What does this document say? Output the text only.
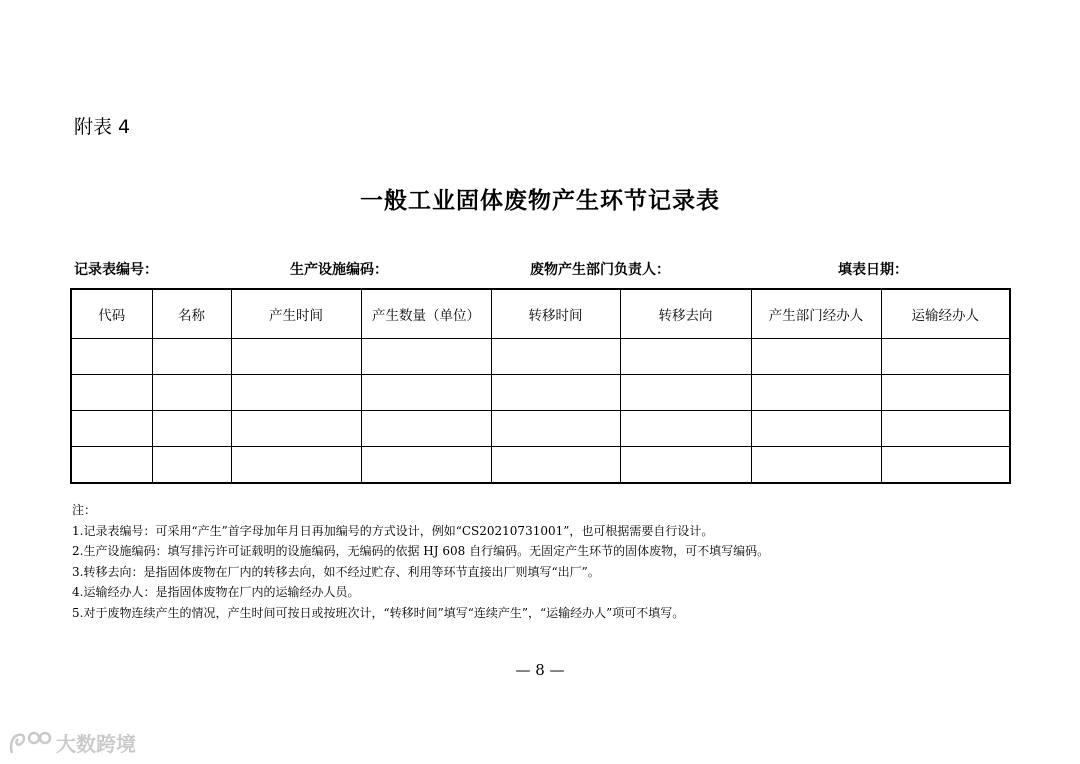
附表 4
一般工业固体废物产生环节记录表
记录表编号：	生产设施编码：	废物产生部门负责人：	填表日期：
代码	名称	产生时间	产生数量（单位）	转移时间	转移去向	产生部门经办人	运输经办人

注：
1.记录表编号：可采用“产生”首字母加年月日再加编号的方式设计，例如“CS20210731001”，也可根据需要自行设计。
2.生产设施编码：填写排污许可证载明的设施编码，无编码的依据 HJ 608 自行编码。无固定产生环节的固体废物，可不填写编码。
3.转移去向：是指固体废物在厂内的转移去向，如不经过贮存、利用等环节直接出厂则填写“出厂”。
4.运输经办人：是指固体废物在厂内的运输经办人员。
5.对于废物连续产生的情况，产生时间可按日或按班次计，“转移时间”填写“连续产生”，“运输经办人”项可不填写。
— 8 —
大数跨境
